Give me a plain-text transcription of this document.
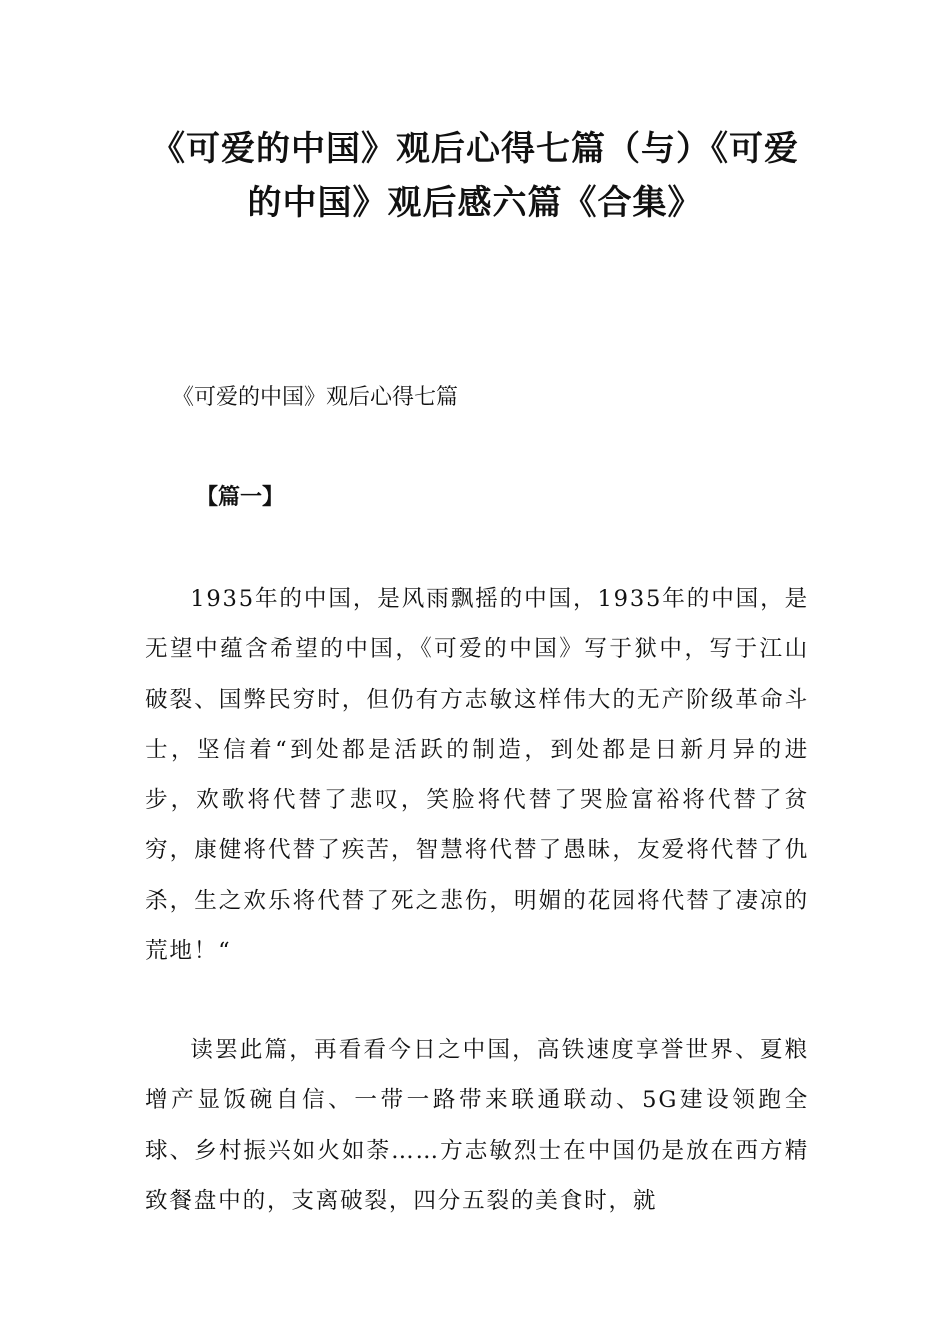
《可爱的中国》观后心得七篇（与）《可爱的中国》观后感六篇《合集》

《可爱的中国》观后心得七篇

【篇一】

1935年的中国，是风雨飘摇的中国，1935年的中国，是无望中蕴含希望的中国，《可爱的中国》写于狱中，写于江山破裂、国弊民穷时，但仍有方志敏这样伟大的无产阶级革命斗士，坚信着“到处都是活跃的制造，到处都是日新月异的进步，欢歌将代替了悲叹，笑脸将代替了哭脸富裕将代替了贫穷，康健将代替了疾苦，智慧将代替了愚昧，友爱将代替了仇杀，生之欢乐将代替了死之悲伤，明媚的花园将代替了凄凉的荒地！“

读罢此篇，再看看今日之中国，高铁速度享誉世界、夏粮增产显饭碗自信、一带一路带来联通联动、5G建设领跑全球、乡村振兴如火如荼……方志敏烈士在中国仍是放在西方精致餐盘中的，支离破裂，四分五裂的美食时，就
